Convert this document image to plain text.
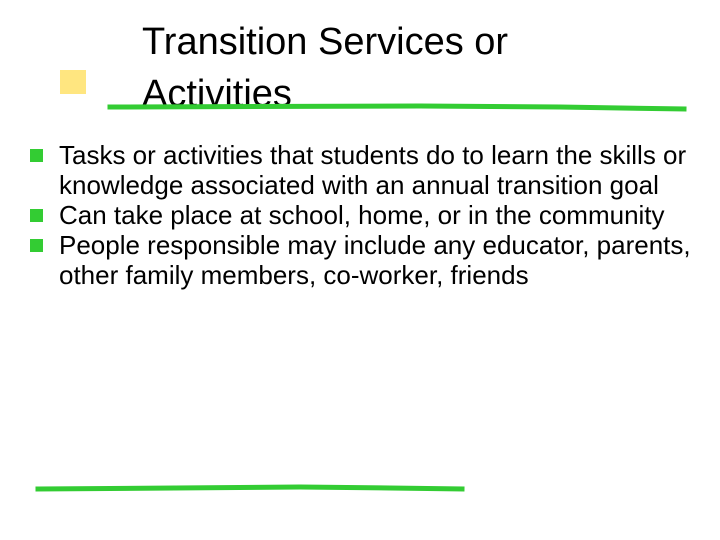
Transition Services or
Activities
Tasks or activities that students do to learn the skills or knowledge associated with an annual transition goal
Can take place at school, home, or in the community
People responsible may include any educator, parents, other family members, co-worker, friends
